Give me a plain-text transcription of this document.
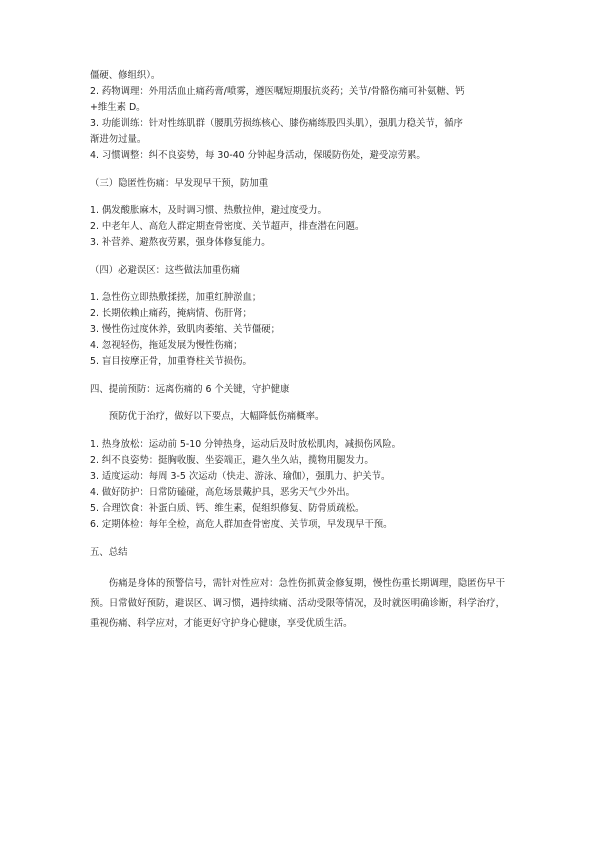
僵硬、修组织）。
2. 药物调理：外用活血止痛药膏/喷雾，遵医嘱短期服抗炎药；关节/骨骼伤痛可补氨糖、钙
+维生素 D。
3. 功能训练：针对性练肌群（腰肌劳损练核心、膝伤痛练股四头肌），强肌力稳关节，循序
渐进勿过量。
4. 习惯调整：纠不良姿势，每 30-40 分钟起身活动，保暖防伤处，避受凉劳累。
（三）隐匿性伤痛：早发现早干预，防加重
1. 偶发酸胀麻木，及时调习惯、热敷拉伸，避过度受力。
2. 中老年人、高危人群定期查骨密度、关节超声，排查潜在问题。
3. 补营养、避熬夜劳累，强身体修复能力。
（四）必避误区：这些做法加重伤痛
1. 急性伤立即热敷揉搓，加重红肿淤血；
2. 长期依赖止痛药，掩病情、伤肝肾；
3. 慢性伤过度休养，致肌肉萎缩、关节僵硬；
4. 忽视轻伤，拖延发展为慢性伤痛；
5. 盲目按摩正骨，加重脊柱关节损伤。
四、提前预防：远离伤痛的 6 个关键，守护健康

预防优于治疗，做好以下要点，大幅降低伤痛概率。

1. 热身放松：运动前 5-10 分钟热身，运动后及时放松肌肉，减损伤风险。
2. 纠不良姿势：挺胸收腹、坐姿端正，避久坐久站，揽物用腿发力。
3. 适度运动：每周 3-5 次运动（快走、游泳、瑜伽），强肌力、护关节。
4. 做好防护：日常防磕碰，高危场景戴护具，恶劣天气少外出。
5. 合理饮食：补蛋白质、钙、维生素，促组织修复、防骨质疏松。
6. 定期体检：每年全检，高危人群加查骨密度、关节项，早发现早干预。
五、总结

伤痛是身体的预警信号，需针对性应对：急性伤抓黄金修复期，慢性伤重长期调理，隐匿伤早干预。日常做好预防，避误区、调习惯，遇持续痛、活动受限等情况，及时就医明确诊断，科学治疗，重视伤痛、科学应对，才能更好守护身心健康，享受优质生活。
